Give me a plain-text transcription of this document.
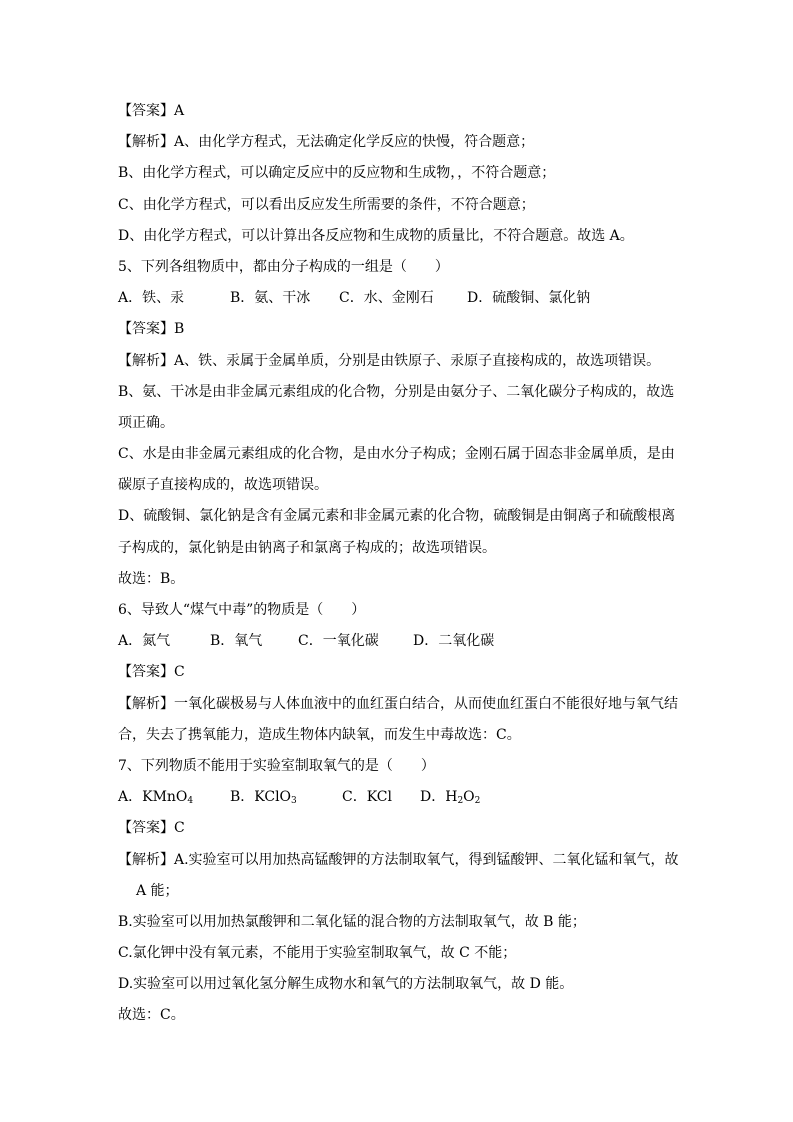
【答案】A
【解析】A、由化学方程式，无法确定化学反应的快慢，符合题意；
B、由化学方程式，可以确定反应中的反应物和生成物，，不符合题意；
C、由化学方程式，可以看出反应发生所需要的条件，不符合题意；
D、由化学方程式，可以计算出各反应物和生成物的质量比，不符合题意。故选 A。
5、下列各组物质中，都由分子构成的一组是（　　）
A．铁、汞	B．氨、干冰 C．水、金刚石 D．硫酸铜、氯化钠
【答案】B
【解析】A、铁、汞属于金属单质，分别是由铁原子、汞原子直接构成的，故选项错误。
B、氨、干冰是由非金属元素组成的化合物，分别是由氨分子、二氧化碳分子构成的，故选
项正确。
C、水是由非金属元素组成的化合物，是由水分子构成；金刚石属于固态非金属单质，是由
碳原子直接构成的，故选项错误。
D、硫酸铜、氯化钠是含有金属元素和非金属元素的化合物，硫酸铜是由铜离子和硫酸根离
子构成的，氯化钠是由钠离子和氯离子构成的；故选项错误。
故选：B。
6、导致人“煤气中毒”的物质是（　　）
A．氮气	B．氧气	C．一氧化碳 D．二氧化碳
【答案】C
【解析】一氧化碳极易与人体血液中的血红蛋白结合，从而使血红蛋白不能很好地与氧气结
合，失去了携氧能力，造成生物体内缺氧，而发生中毒故选：C。
7、下列物质不能用于实验室制取氧气的是（　　）
A．KMnO$_4$	B．KClO$_3$	C．KCl D．$H_2O_2$
【答案】C
【解析】A.实验室可以用加热高锰酸钾的方法制取氧气，得到锰酸钾、二氧化锰和氧气，故
A 能；
B.实验室可以用加热氯酸钾和二氧化锰的混合物的方法制取氧气，故 B 能；
C.氯化钾中没有氧元素，不能用于实验室制取氧气，故 C 不能；
D.实验室可以用过氧化氢分解生成物水和氧气的方法制取氧气，故 D 能。
故选：C。
